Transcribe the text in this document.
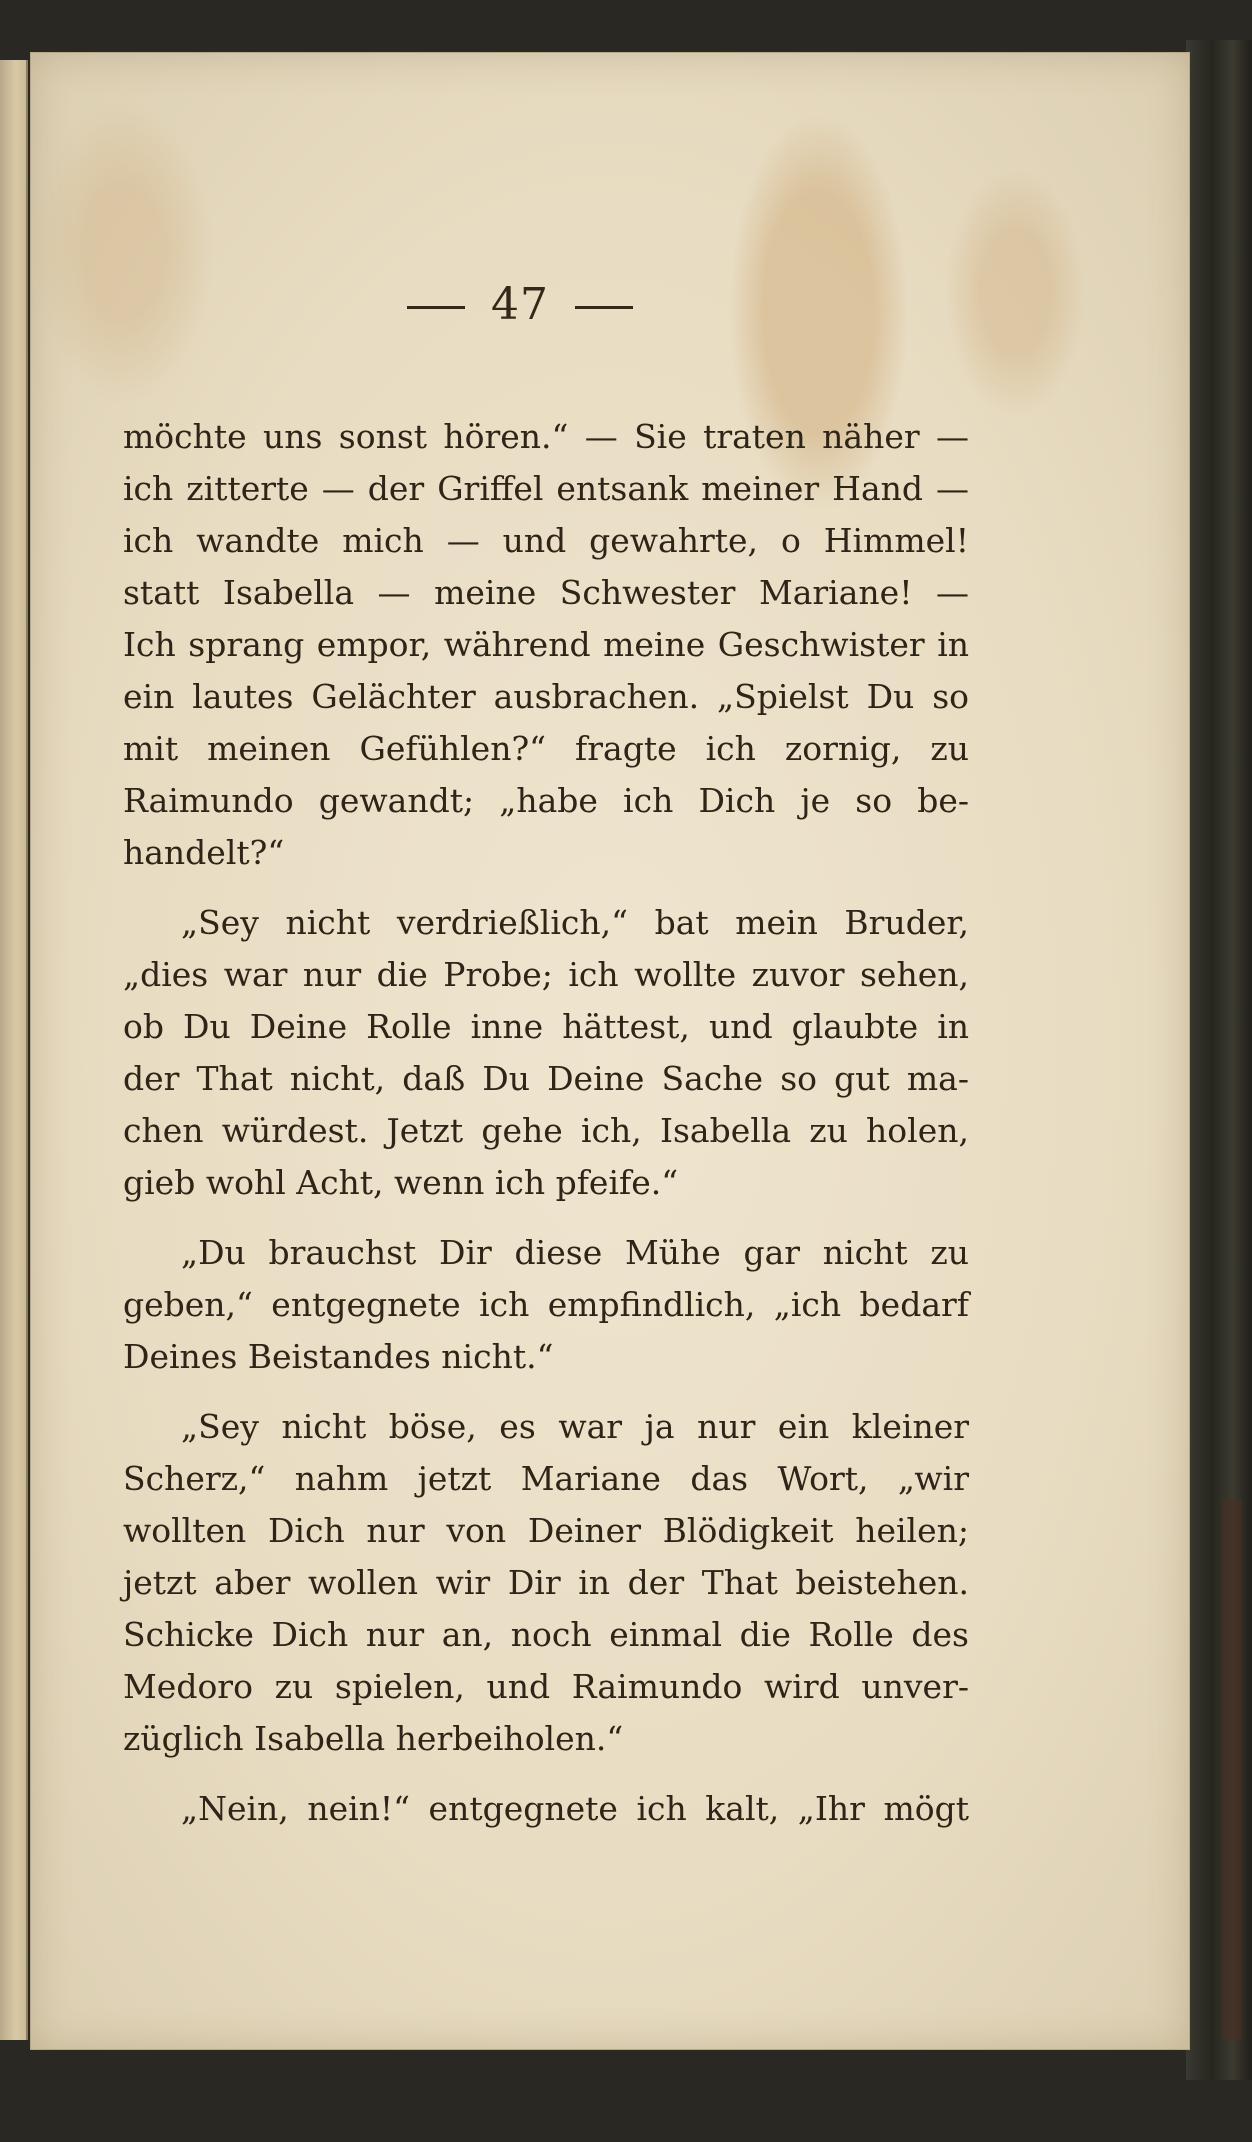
47
möchte uns sonst hören.“ — Sie traten näher —
ich zitterte — der Griffel entsank meiner Hand —
ich wandte mich — und gewahrte, o Himmel!
statt Isabella — meine Schwester Mariane! —
Ich sprang empor, während meine Geschwister in
ein lautes Gelächter ausbrachen. „Spielst Du so
mit meinen Gefühlen?“ fragte ich zornig, zu
Raimundo gewandt; „habe ich Dich je so be-
handelt?“
„Sey nicht verdrießlich,“ bat mein Bruder,
„dies war nur die Probe; ich wollte zuvor sehen,
ob Du Deine Rolle inne hättest, und glaubte in
der That nicht, daß Du Deine Sache so gut ma-
chen würdest. Jetzt gehe ich, Isabella zu holen,
gieb wohl Acht, wenn ich pfeife.“
„Du brauchst Dir diese Mühe gar nicht zu
geben,“ entgegnete ich empfindlich, „ich bedarf
Deines Beistandes nicht.“
„Sey nicht böse, es war ja nur ein kleiner
Scherz,“ nahm jetzt Mariane das Wort, „wir
wollten Dich nur von Deiner Blödigkeit heilen;
jetzt aber wollen wir Dir in der That beistehen.
Schicke Dich nur an, noch einmal die Rolle des
Medoro zu spielen, und Raimundo wird unver-
züglich Isabella herbeiholen.“
„Nein, nein!“ entgegnete ich kalt, „Ihr mögt
